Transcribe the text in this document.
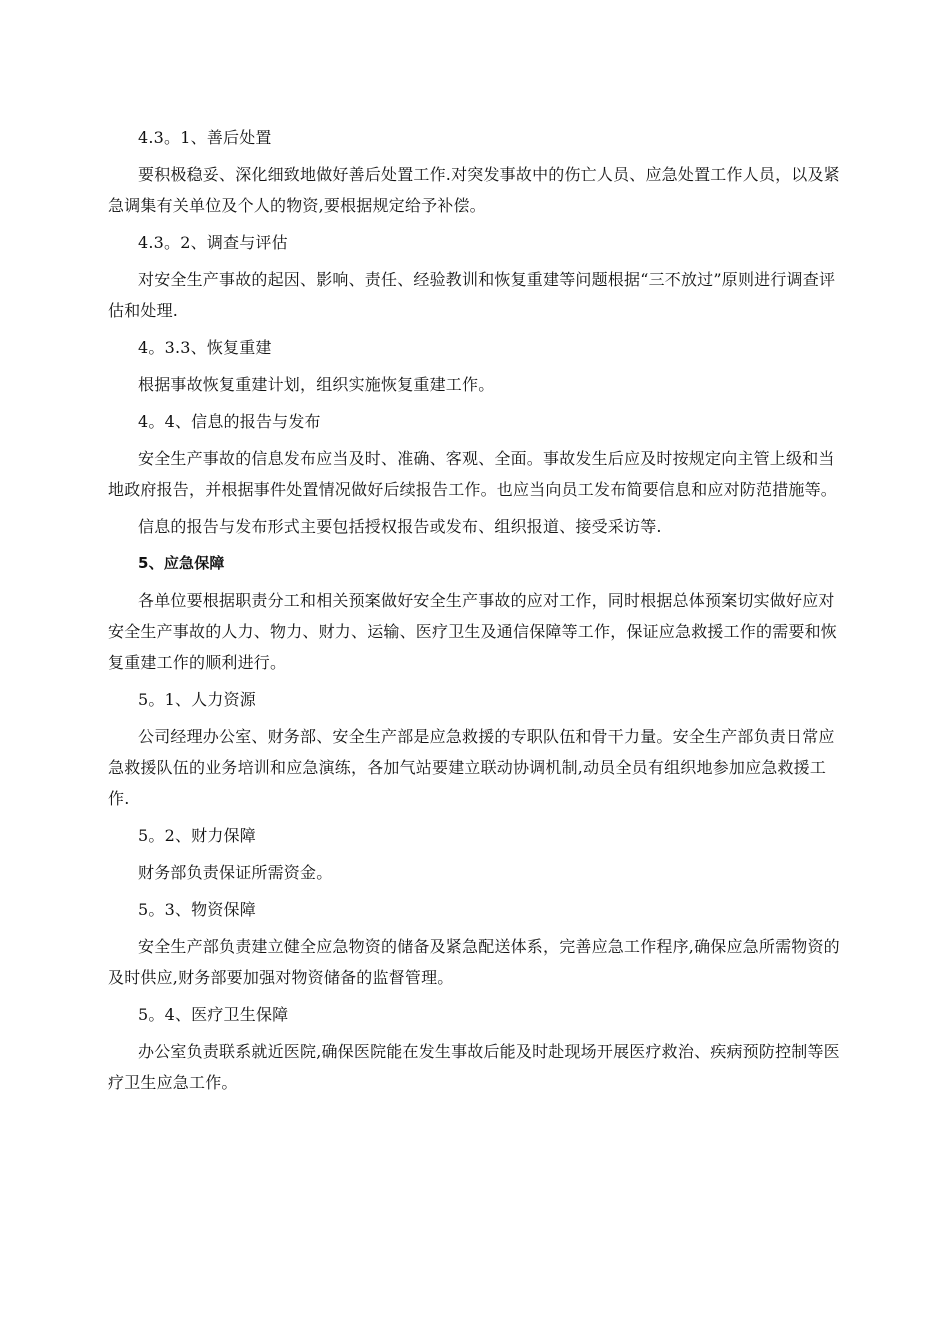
4.3。1、善后处置

要积极稳妥、深化细致地做好善后处置工作.对突发事故中的伤亡人员、应急处置工作人员，以及紧急调集有关单位及个人的物资,要根据规定给予补偿。

4.3。2、调查与评估

对安全生产事故的起因、影响、责任、经验教训和恢复重建等问题根据“三不放过”原则进行调查评估和处理.

4。3.3、恢复重建

根据事故恢复重建计划，组织实施恢复重建工作。

4。4、信息的报告与发布

安全生产事故的信息发布应当及时、准确、客观、全面。事故发生后应及时按规定向主管上级和当地政府报告，并根据事件处置情况做好后续报告工作。也应当向员工发布简要信息和应对防范措施等。

信息的报告与发布形式主要包括授权报告或发布、组织报道、接受采访等.

5、应急保障

各单位要根据职责分工和相关预案做好安全生产事故的应对工作，同时根据总体预案切实做好应对安全生产事故的人力、物力、财力、运输、医疗卫生及通信保障等工作，保证应急救援工作的需要和恢复重建工作的顺利进行。

5。1、人力资源

公司经理办公室、财务部、安全生产部是应急救援的专职队伍和骨干力量。安全生产部负责日常应急救援队伍的业务培训和应急演练，各加气站要建立联动协调机制,动员全员有组织地参加应急救援工作.

5。2、财力保障

财务部负责保证所需资金。

5。3、物资保障

安全生产部负责建立健全应急物资的储备及紧急配送体系，完善应急工作程序,确保应急所需物资的及时供应,财务部要加强对物资储备的监督管理。

5。4、医疗卫生保障

办公室负责联系就近医院,确保医院能在发生事故后能及时赴现场开展医疗救治、疾病预防控制等医疗卫生应急工作。
